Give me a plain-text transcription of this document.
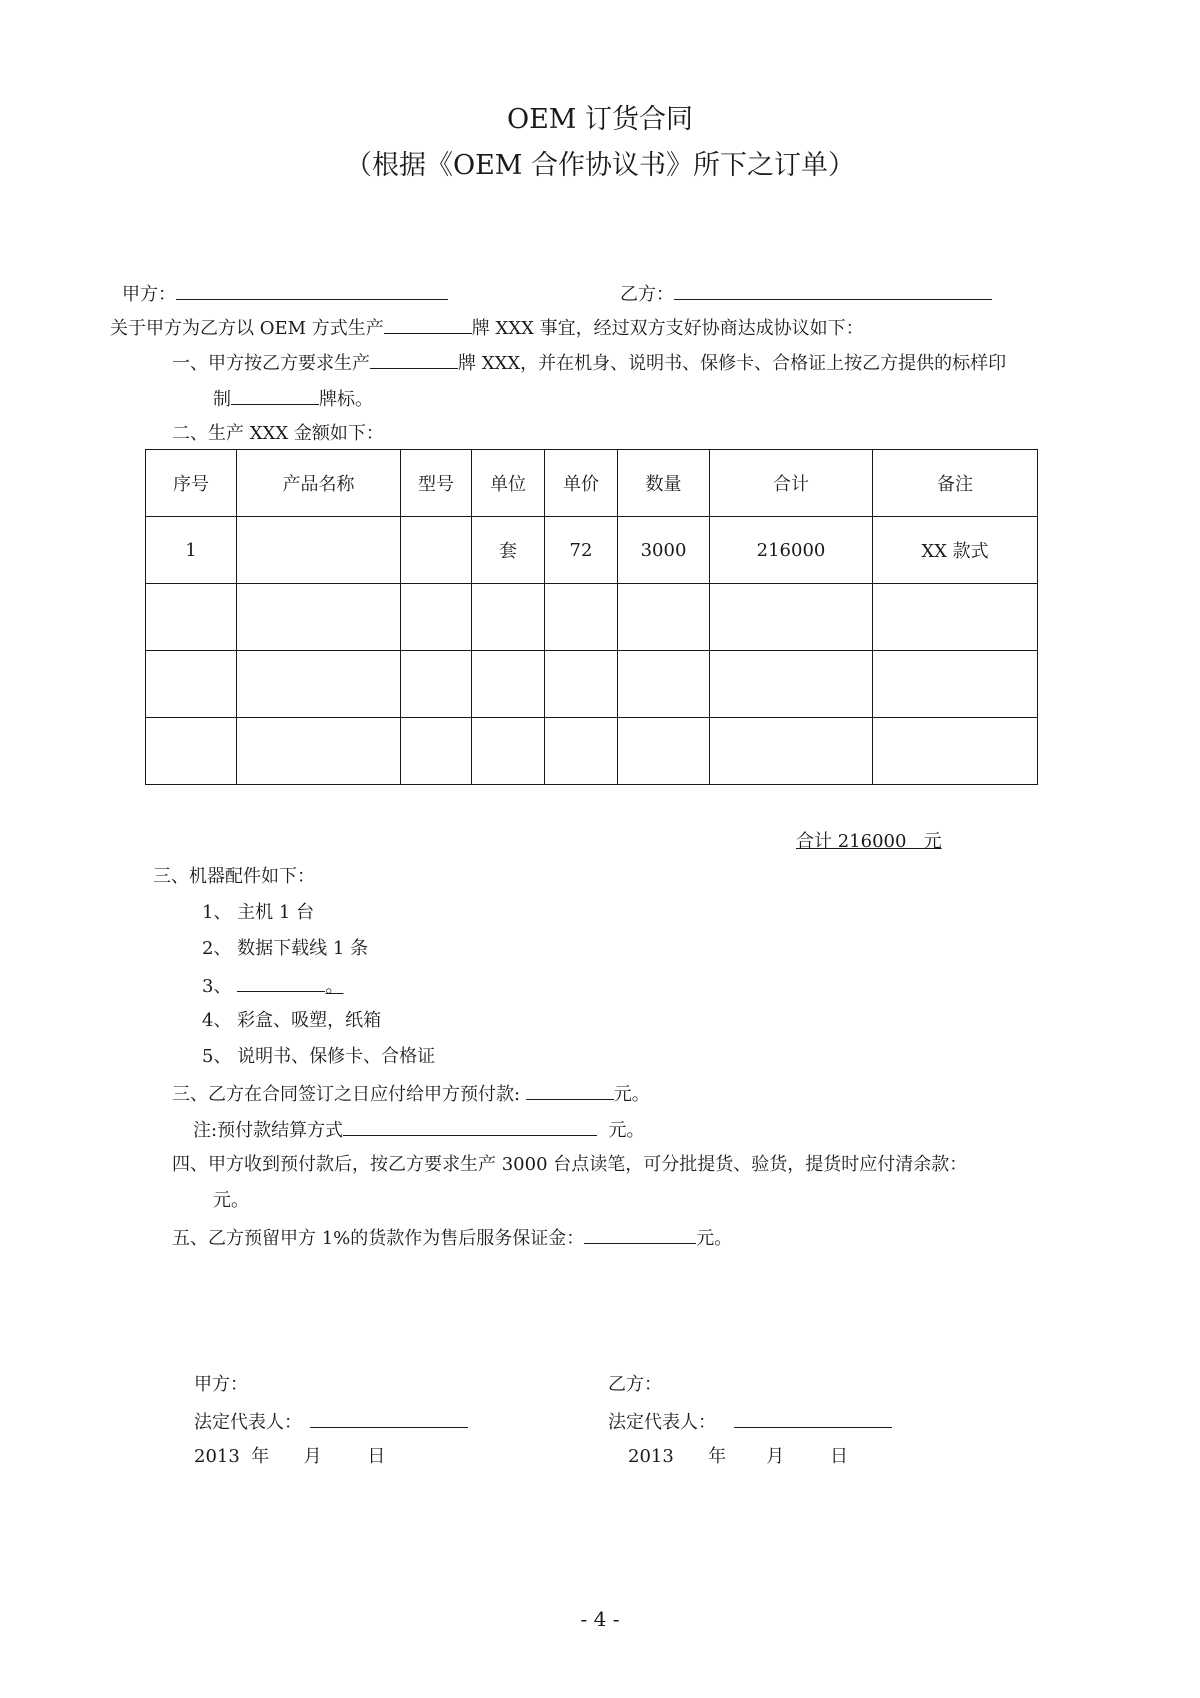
OEM 订货合同
（根据《OEM 合作协议书》所下之订单）
甲方：	乙方：
关于甲方为乙方以 OEM 方式生产	牌 XXX 事宜，经过双方支好协商达成协议如下：
一、甲方按乙方要求生产	牌 XXX，并在机身、说明书、保修卡、合格证上按乙方提供的标样印
制	牌标。
二、生产 XXX 金额如下：
序号	产品名称	型号	单位	单价	数量	合计	备注
1			套	72	3000	216000	XX 款式

合计 216000   元
三、机器配件如下：
1、 主机 1 台
2、 数据下载线 1 条
3、	。
4、 彩盒、吸塑，纸箱
5、 说明书、保修卡、合格证
三、乙方在合同签订之日应付给甲方预付款:	元。
注:预付款结算方式	元。
四、甲方收到预付款后，按乙方要求生产 3000 台点读笔，可分批提货、验货，提货时应付清余款：
元。
五、乙方预留甲方 1%的货款作为售后服务保证金：	元。
甲方：	乙方：
法定代表人：	法定代表人：
2013  年      月        日	2013      年       月        日
- 4 -
